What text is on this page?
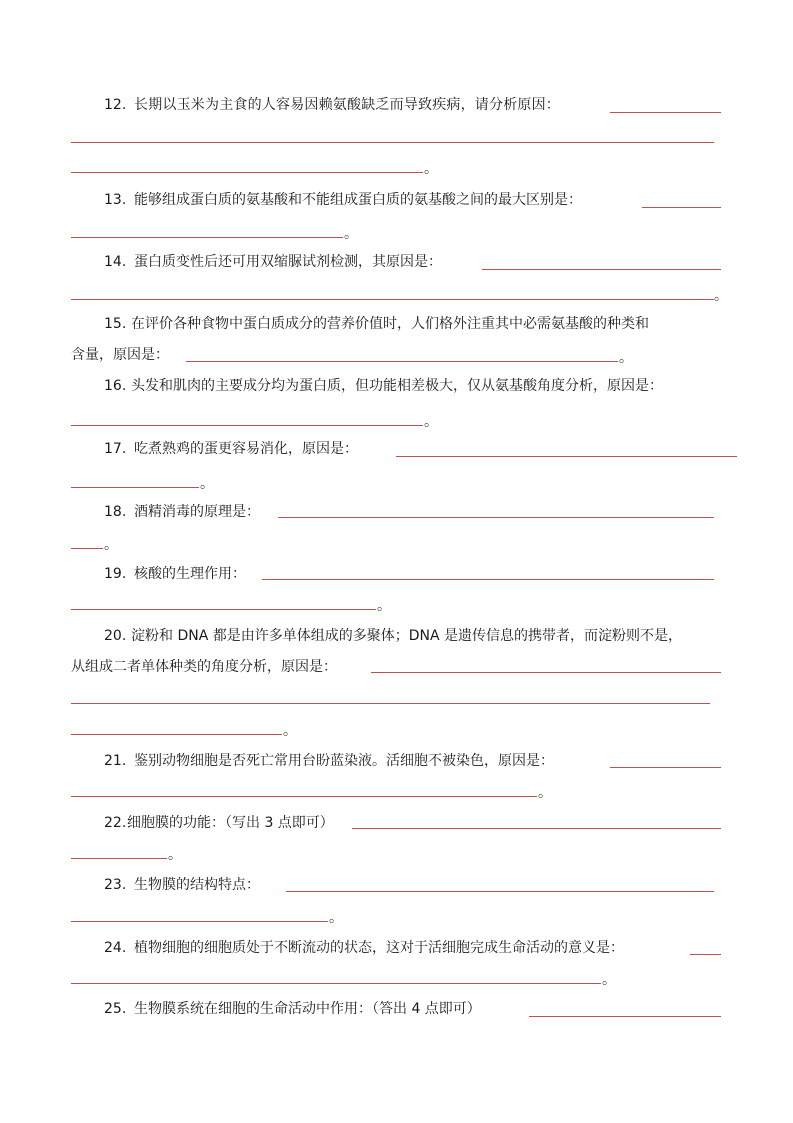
12. 长期以玉米为主食的人容易因赖氨酸缺乏而导致疾病，请分析原因：
。
13. 能够组成蛋白质的氨基酸和不能组成蛋白质的氨基酸之间的最大区别是：
。
14. 蛋白质变性后还可用双缩脲试剂检测，其原因是：
。
15. 在评价各种食物中蛋白质成分的营养价值时，人们格外注重其中必需氨基酸的种类和
含量，原因是：	。
16. 头发和肌肉的主要成分均为蛋白质，但功能相差极大，仅从氨基酸角度分析，原因是：
。
17. 吃煮熟鸡的蛋更容易消化，原因是：
。
18. 酒精消毒的原理是：
。
19. 核酸的生理作用：
。
20. 淀粉和 DNA 都是由许多单体组成的多聚体；DNA 是遗传信息的携带者，而淀粉则不是，
从组成二者单体种类的角度分析，原因是：
。
21. 鉴别动物细胞是否死亡常用台盼蓝染液。活细胞不被染色，原因是：
。
22. 细胞膜的功能：（写出 3 点即可）
。
23. 生物膜的结构特点：
。
24. 植物细胞的细胞质处于不断流动的状态，这对于活细胞完成生命活动的意义是：
。
25. 生物膜系统在细胞的生命活动中作用：（答出 4 点即可）
